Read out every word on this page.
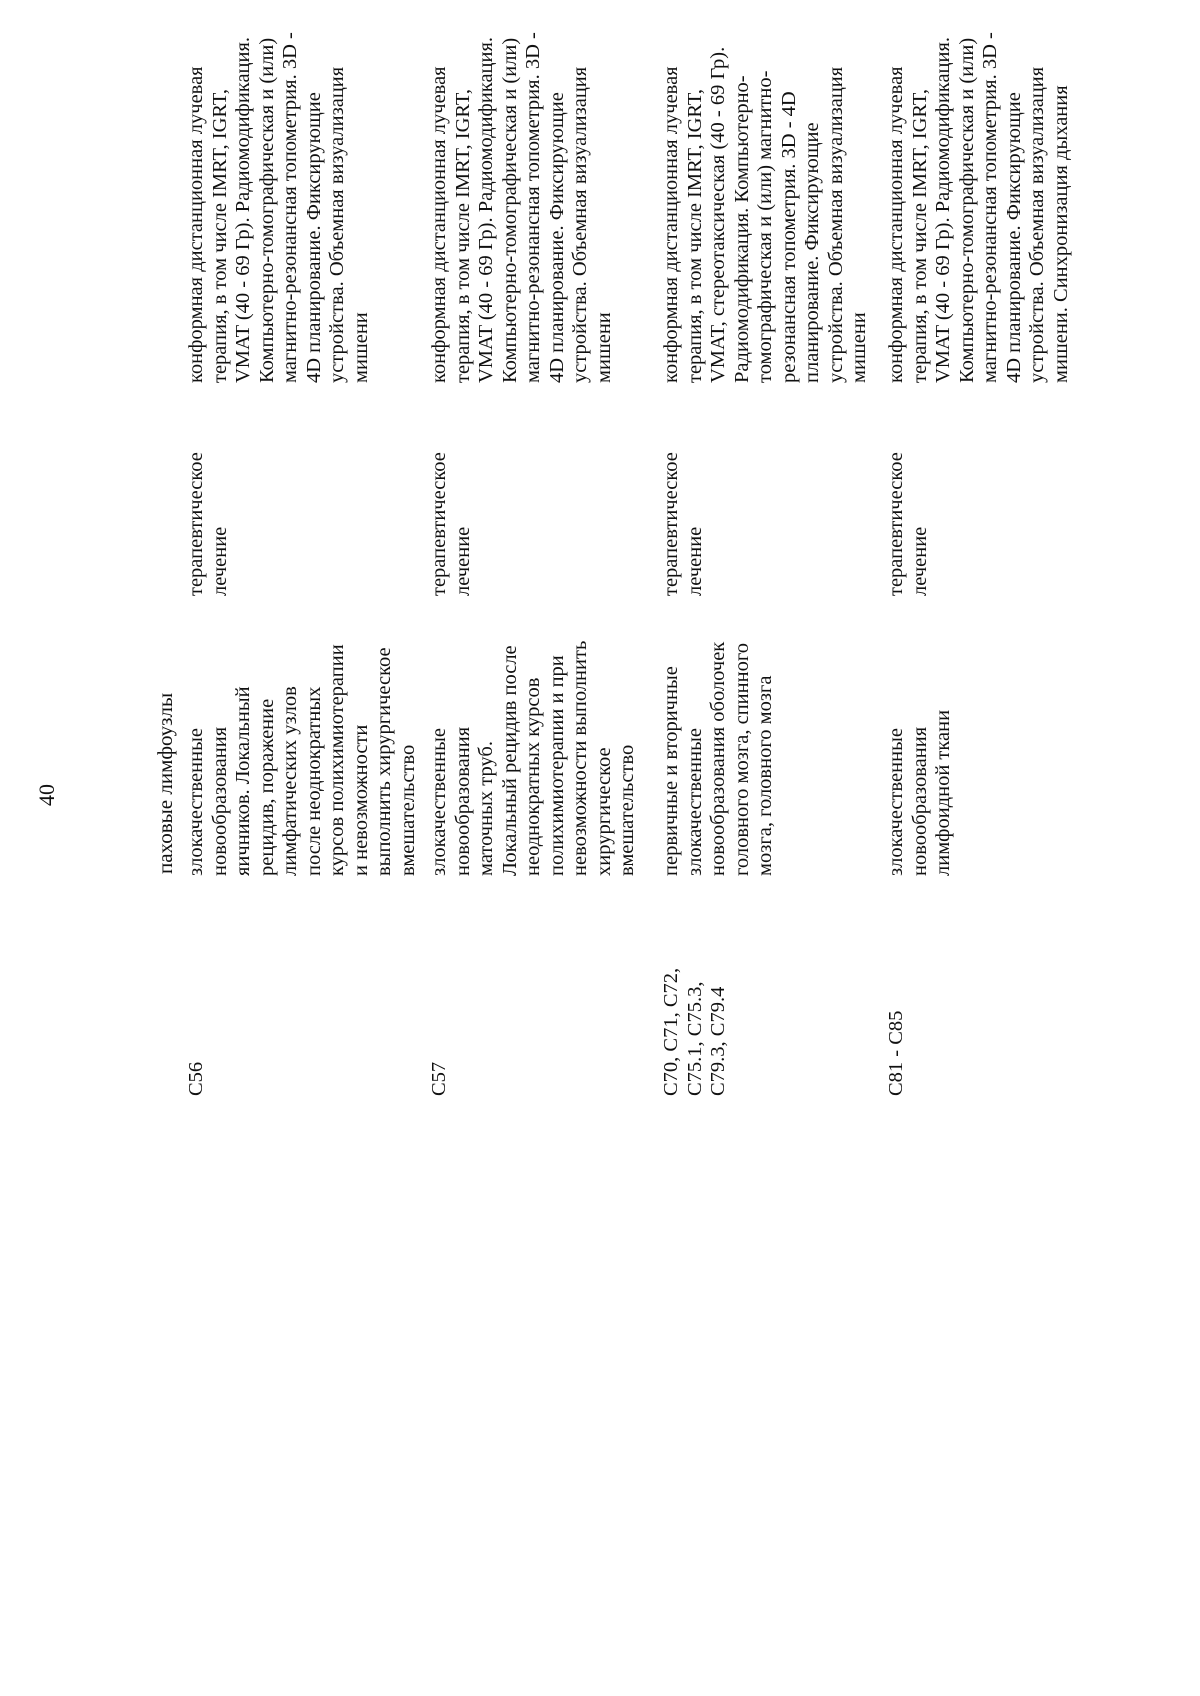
40	паховые лимфоузлы
C56
злокачественные
новообразования
яичников. Локальный
рецидив, поражение
лимфатических узлов
после неоднократных
курсов полихимиотерапии
и невозможности
выполнить хирургическое
вмешательство
терапевтическое
лечение
конформная дистанционная лучевая
терапия, в том числе IMRT, IGRT,
VMAT (40 - 69 Гр). Радиомодификация.
Компьютерно-томографическая и (или)
магнитно-резонансная топометрия. 3D -
4D планирование. Фиксирующие
устройства. Объемная визуализация
мишени
C57
злокачественные
новообразования
маточных труб.
Локальный рецидив после
неоднократных курсов
полихимиотерапии и при
невозможности выполнить
хирургическое
вмешательство
терапевтическое
лечение
конформная дистанционная лучевая
терапия, в том числе IMRT, IGRT,
VMAT (40 - 69 Гр). Радиомодификация.
Компьютерно-томографическая и (или)
магнитно-резонансная топометрия. 3D -
4D планирование. Фиксирующие
устройства. Объемная визуализация
мишени
C70, C71, C72,
C75.1, C75.3,
C79.3, C79.4
первичные и вторичные
злокачественные
новообразования оболочек
головного мозга, спинного
мозга, головного мозга
терапевтическое
лечение
конформная дистанционная лучевая
терапия, в том числе IMRT, IGRT,
VMAT, стереотаксическая (40 - 69 Гр).
Радиомодификация. Компьютерно-
томографическая и (или) магнитно-
резонансная топометрия. 3D - 4D
планирование. Фиксирующие
устройства. Объемная визуализация
мишени
C81 - C85
злокачественные
новообразования
лимфоидной ткани
терапевтическое
лечение
конформная дистанционная лучевая
терапия, в том числе IMRT, IGRT,
VMAT (40 - 69 Гр). Радиомодификация.
Компьютерно-томографическая и (или)
магнитно-резонансная топометрия. 3D -
4D планирование. Фиксирующие
устройства. Объемная визуализация
мишени. Синхронизация дыхания
